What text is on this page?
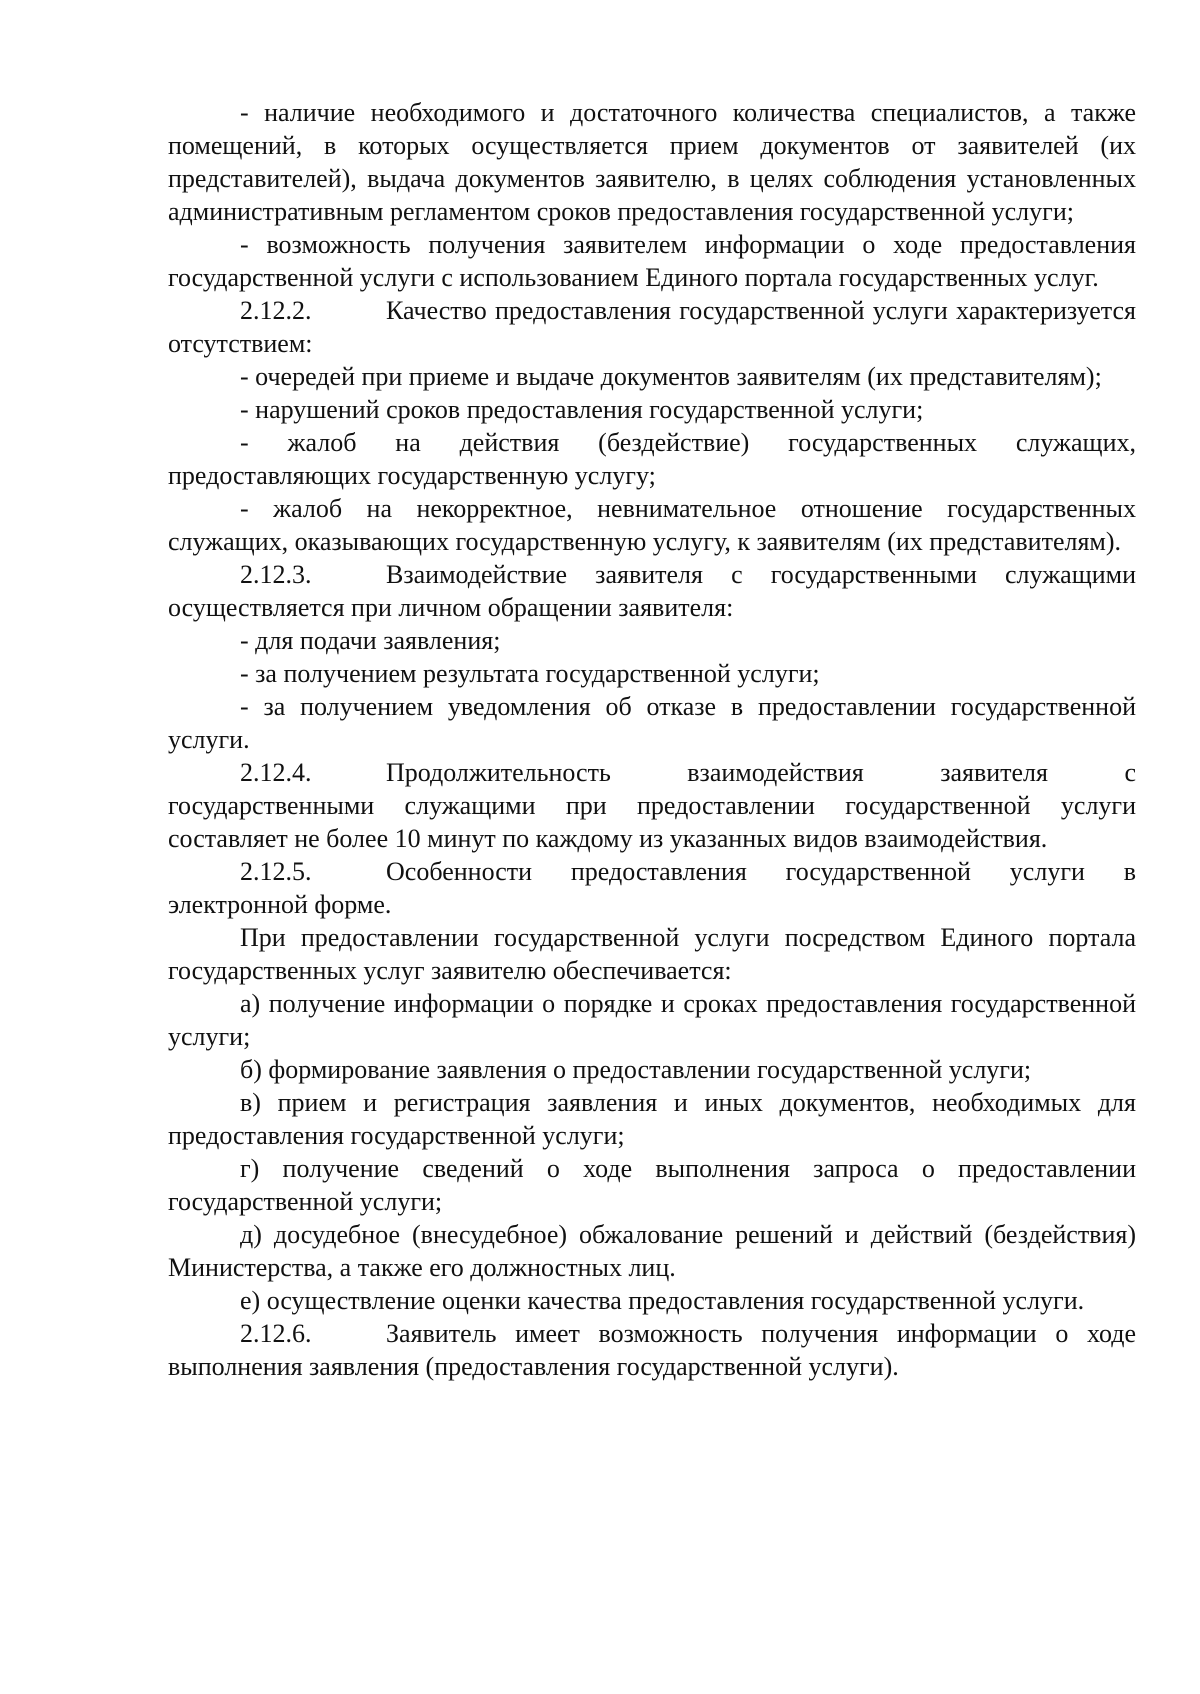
- наличие необходимого и достаточного количества специалистов, а также помещений, в которых осуществляется прием документов от заявителей (их представителей), выдача документов заявителю, в целях соблюдения установленных административным регламентом сроков предоставления государственной услуги;

- возможность получения заявителем информации о ходе предоставления государственной услуги с использованием Единого портала государственных услуг.

2.12.2.	Качество предоставления государственной услуги характеризуется отсутствием:

- очередей при приеме и выдаче документов заявителям (их представителям);

- нарушений сроков предоставления государственной услуги;

- жалоб на действия (бездействие) государственных служащих, предоставляющих государственную услугу;

- жалоб на некорректное, невнимательное отношение государственных служащих, оказывающих государственную услугу, к заявителям (их представителям).

2.12.3.	Взаимодействие заявителя с государственными служащими осуществляется при личном обращении заявителя:

- для подачи заявления;

- за получением результата государственной услуги;

- за получением уведомления об отказе в предоставлении государственной услуги.

2.12.4.	Продолжительность взаимодействия заявителя с государственными служащими при предоставлении государственной услуги составляет не более 10 минут по каждому из указанных видов взаимодействия.

2.12.5.	Особенности предоставления государственной услуги в электронной форме.

При предоставлении государственной услуги посредством Единого портала государственных услуг заявителю обеспечивается:

а) получение информации о порядке и сроках предоставления государственной услуги;

б) формирование заявления о предоставлении государственной услуги;

в) прием и регистрация заявления и иных документов, необходимых для предоставления государственной услуги;

г) получение сведений о ходе выполнения запроса о предоставлении государственной услуги;

д) досудебное (внесудебное) обжалование решений и действий (бездействия) Министерства, а также его должностных лиц.

е) осуществление оценки качества предоставления государственной услуги.

2.12.6.	Заявитель имеет возможность получения информации о ходе выполнения заявления (предоставления государственной услуги).
